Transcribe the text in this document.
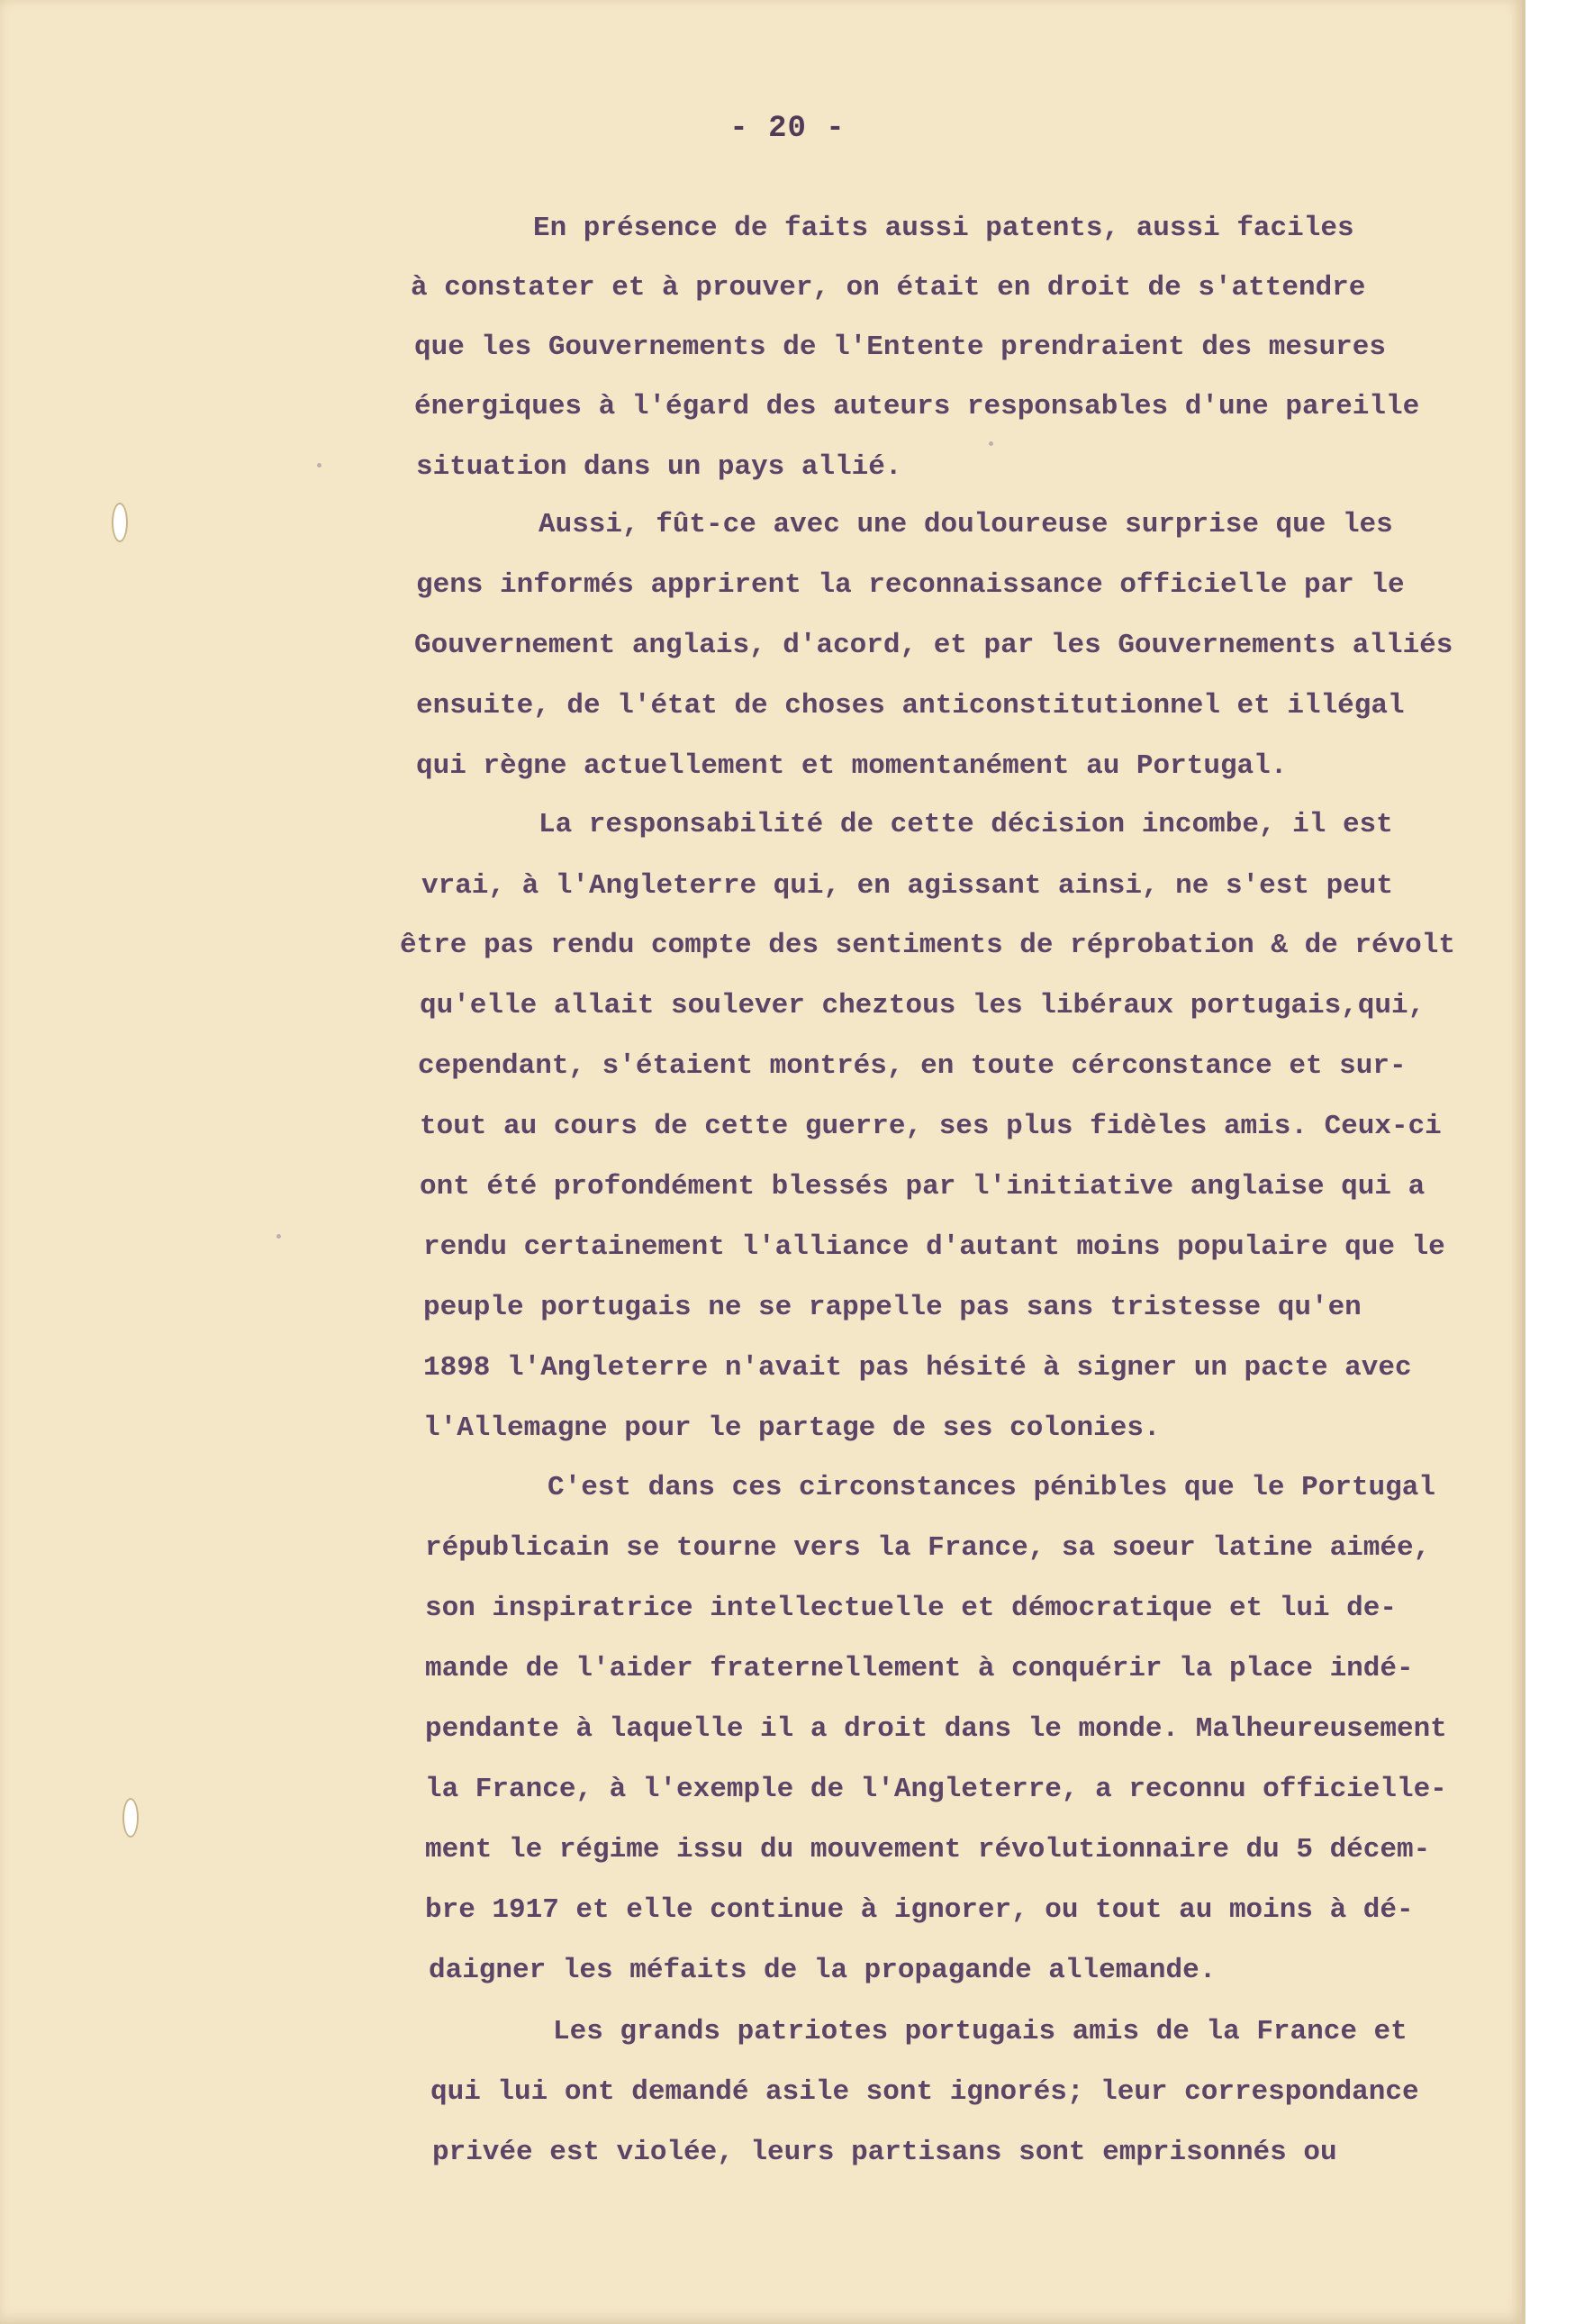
- 20 -
En présence de faits aussi patents, aussi faciles
à constater et à prouver, on était en droit de s'attendre
que les Gouvernements de l'Entente prendraient des mesures
énergiques à l'égard des auteurs responsables d'une pareille
situation dans un pays allié.
Aussi, fût-ce avec une douloureuse surprise que les
gens informés apprirent la reconnaissance officielle par le
Gouvernement anglais, d'acord, et par les Gouvernements alliés
ensuite, de l'état de choses anticonstitutionnel et illégal
qui règne actuellement et momentanément au Portugal.
La responsabilité de cette décision incombe, il est
vrai, à l'Angleterre qui, en agissant ainsi, ne s'est peut
être pas rendu compte des sentiments de réprobation & de révolt
qu'elle allait soulever cheztous les libéraux portugais,qui,
cependant, s'étaient montrés, en toute cérconstance et sur-
tout au cours de cette guerre, ses plus fidèles amis. Ceux-ci
ont été profondément blessés par l'initiative anglaise qui a
rendu certainement l'alliance d'autant moins populaire que le
peuple portugais ne se rappelle pas sans tristesse qu'en
1898 l'Angleterre n'avait pas hésité à signer un pacte avec
l'Allemagne pour le partage de ses colonies.
C'est dans ces circonstances pénibles que le Portugal
républicain se tourne vers la France, sa soeur latine aimée,
son inspiratrice intellectuelle et démocratique et lui de-
mande de l'aider fraternellement à conquérir la place indé-
pendante à laquelle il a droit dans le monde. Malheureusement
la France, à l'exemple de l'Angleterre, a reconnu officielle-
ment le régime issu du mouvement révolutionnaire du 5 décem-
bre 1917 et elle continue à ignorer, ou tout au moins à dé-
daigner les méfaits de la propagande allemande.
Les grands patriotes portugais amis de la France et
qui lui ont demandé asile sont ignorés; leur correspondance
privée est violée, leurs partisans sont emprisonnés ou
